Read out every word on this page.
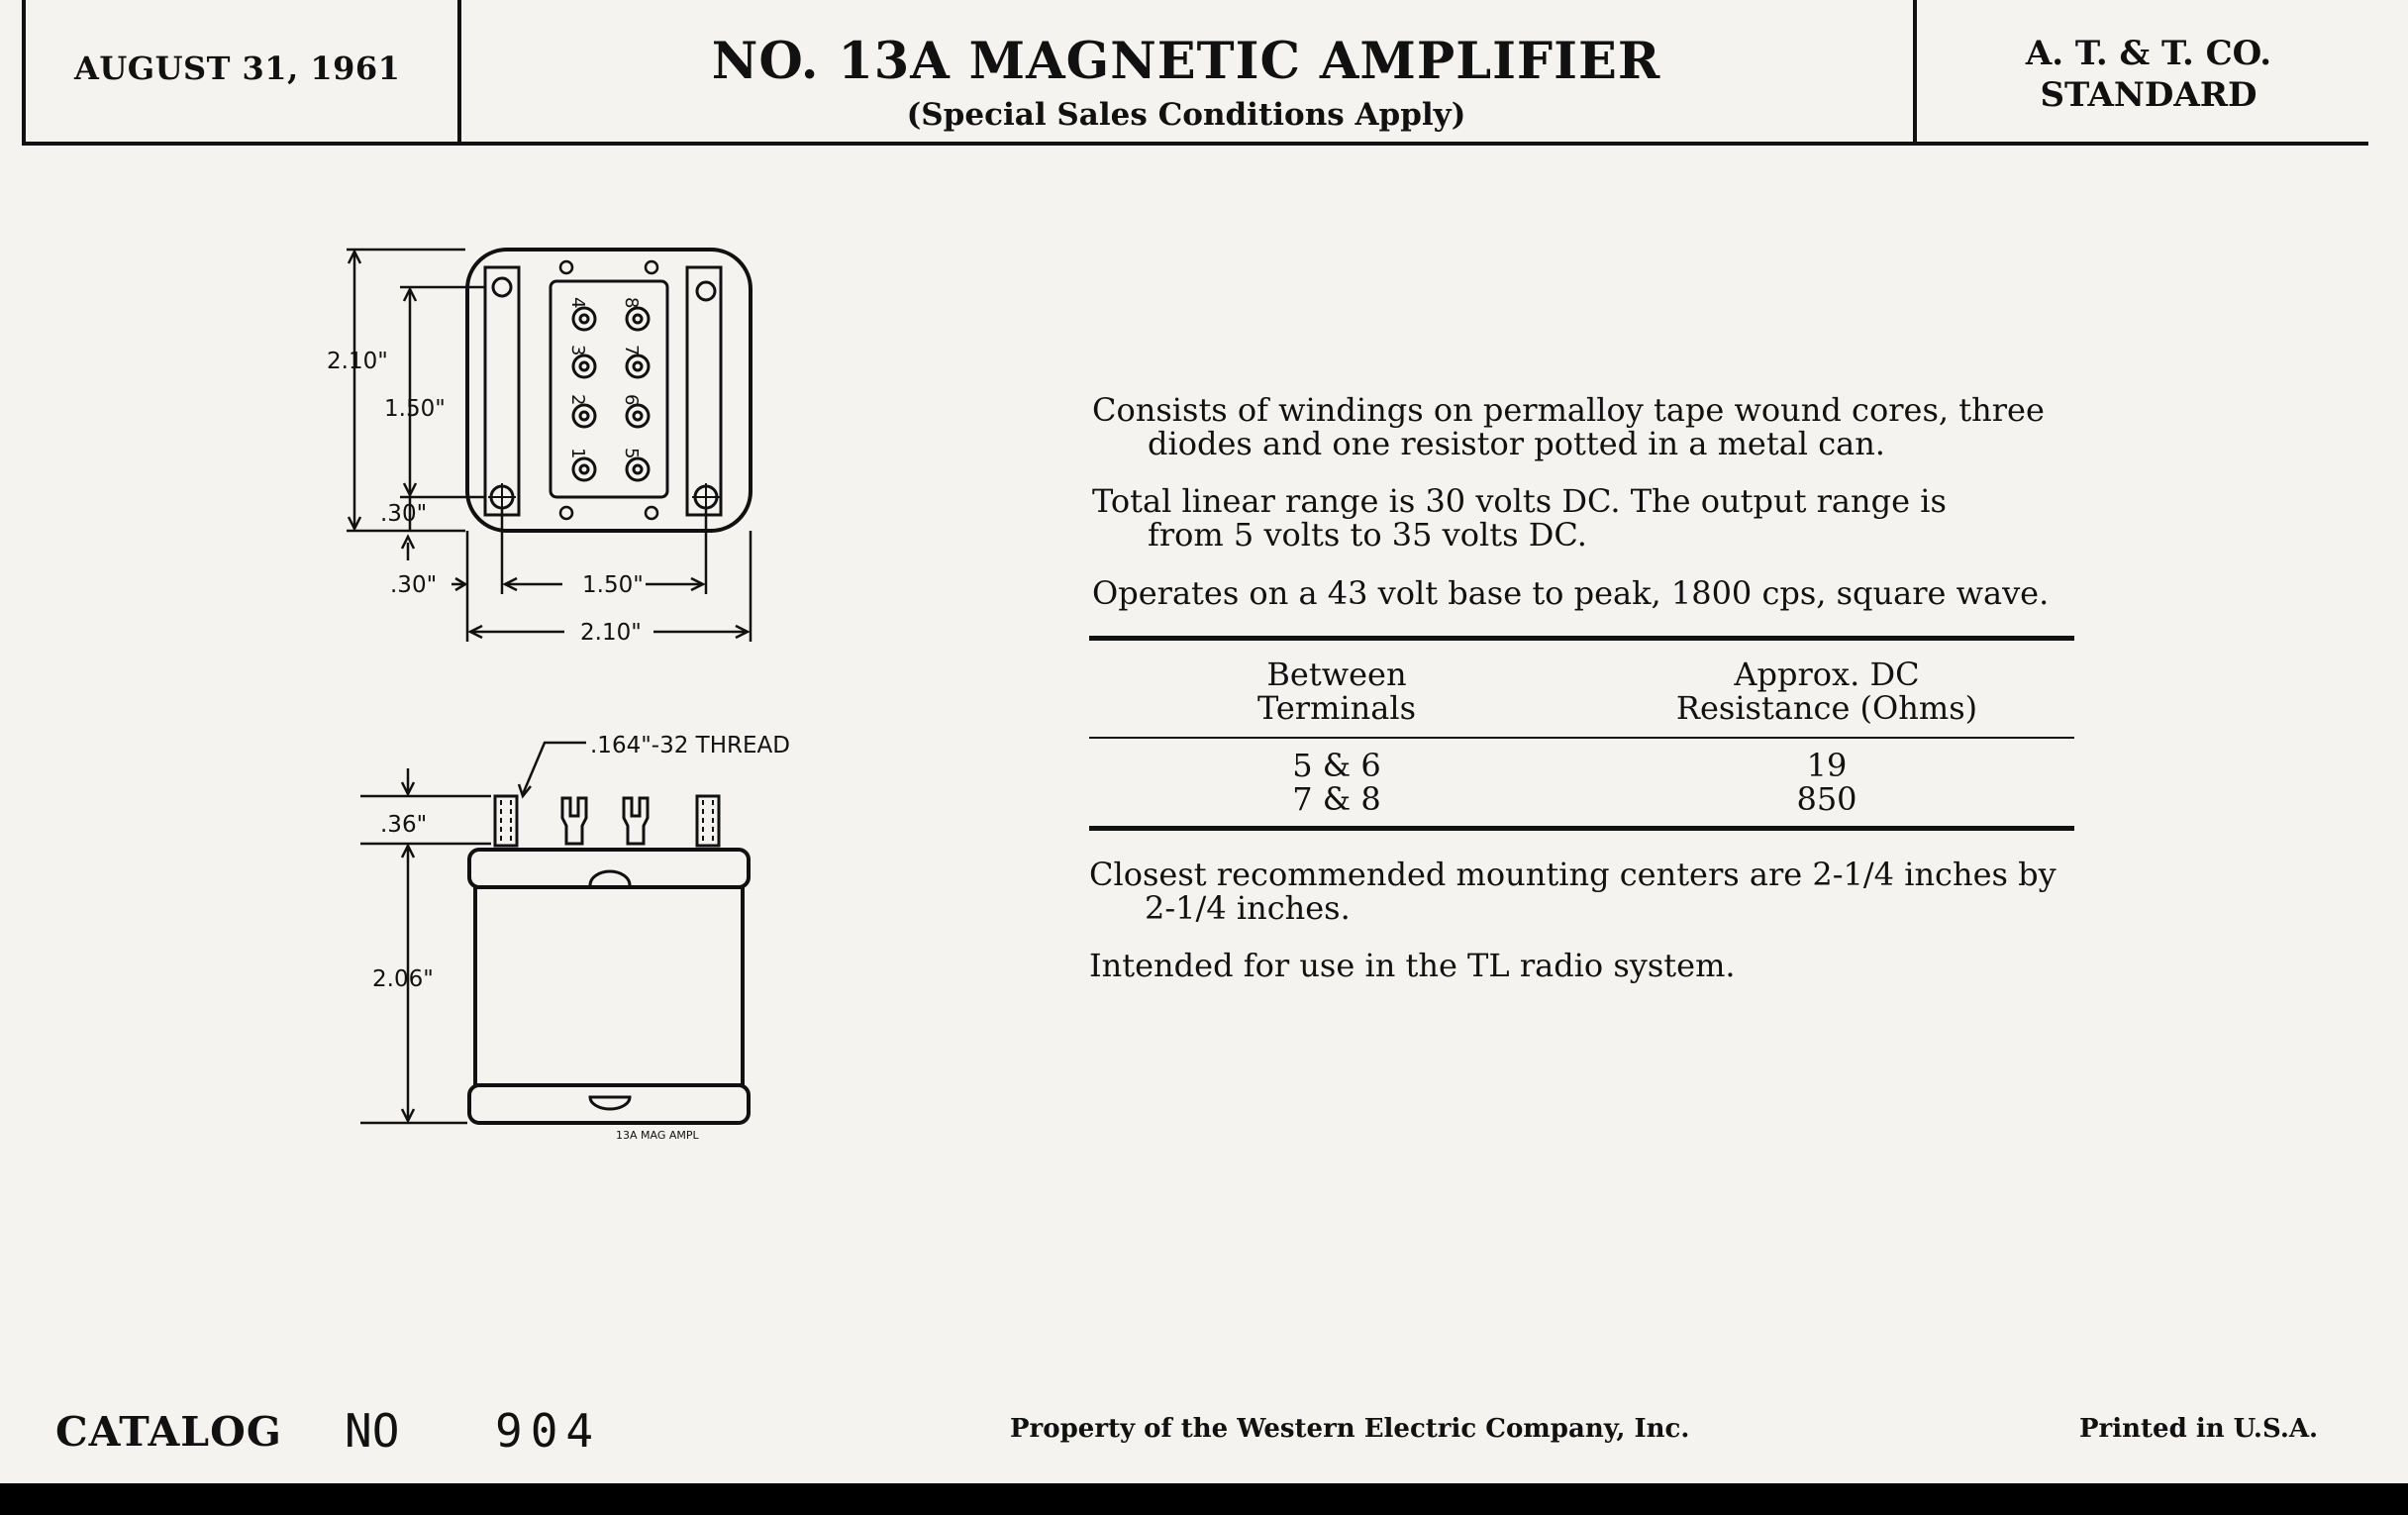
AUGUST 31, 1961	NO. 13A MAGNETIC AMPLIFIER
(Special Sales Conditions Apply)
A. T. & T. CO.
STANDARD
4
3
2
1
8
7
6
5
2.10"
1.50"
.30"
.30"	1.50"
2.10"
.164"-32 THREAD
13A MAG AMPL
.36"
2.06"
Consists of windings on permalloy tape wound cores, three
diodes and one resistor potted in a metal can.
Total linear range is 30 volts DC. The output range is
from 5 volts to 35 volts DC.
Operates on a 43 volt base to peak, 1800 cps, square wave.
Between
Terminals
Approx. DC
Resistance (Ohms)
5 & 6	19
7 & 8	850
Closest recommended mounting centers are 2-1/4 inches by
2-1/4 inches.
Intended for use in the TL radio system.
CATALOG NO 904	Property of the Western Electric Company, Inc.	Printed in U.S.A.
